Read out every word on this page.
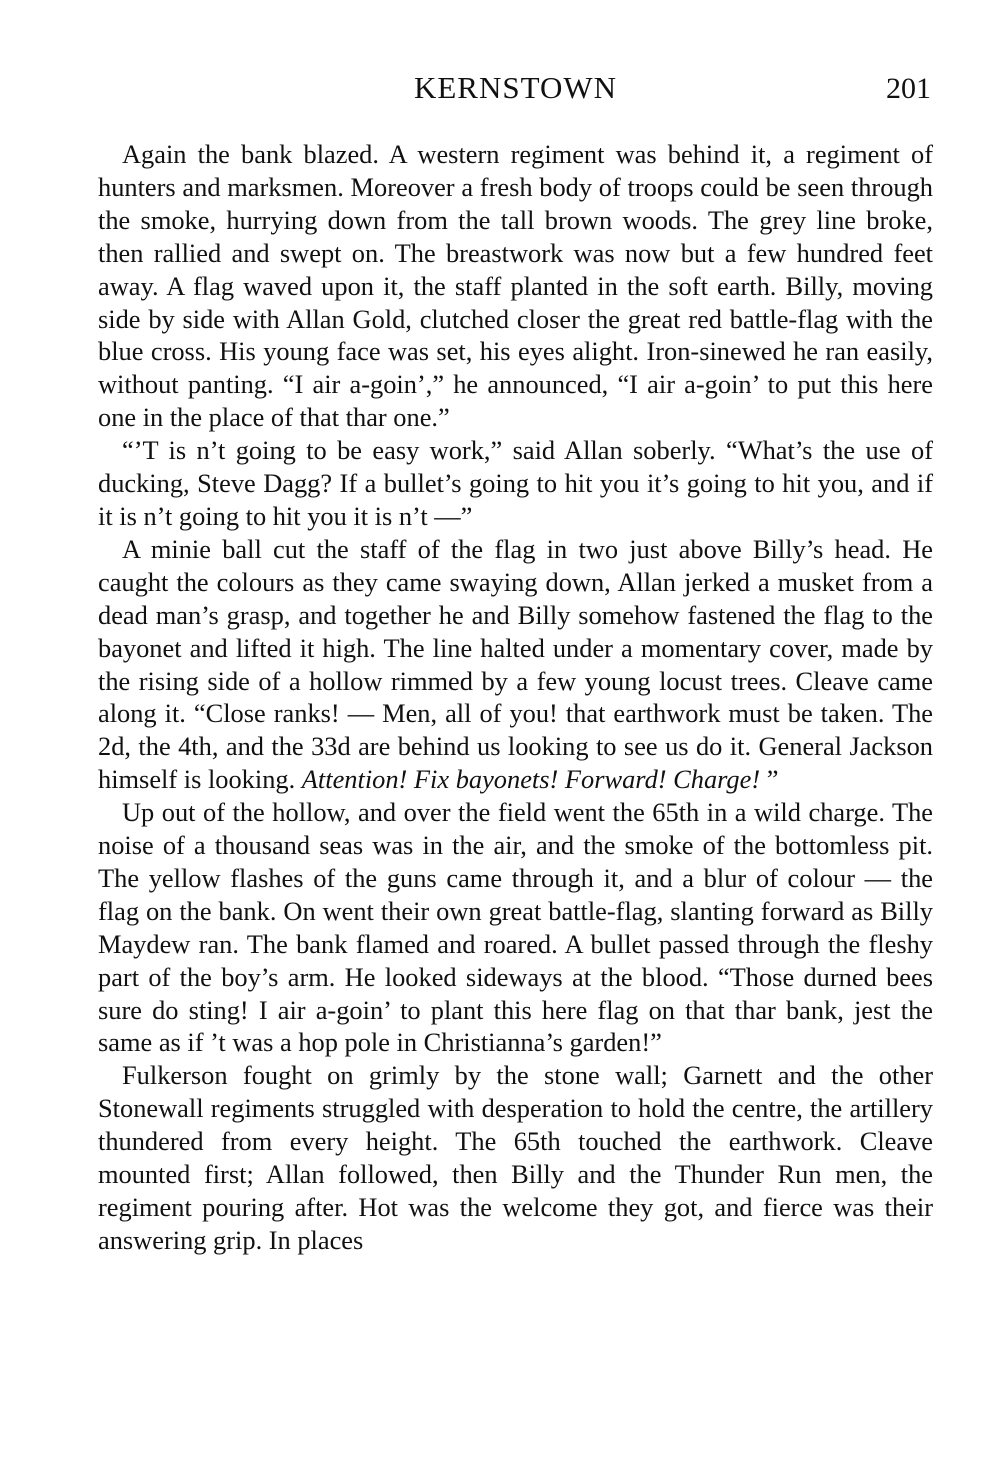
KERNSTOWN	201

Again the bank blazed. A western regiment was behind it, a regiment of hunters and marksmen. Moreover a fresh body of troops could be seen through the smoke, hurrying down from the tall brown woods. The grey line broke, then rallied and swept on. The breastwork was now but a few hundred feet away. A flag waved upon it, the staff planted in the soft earth. Billy, moving side by side with Allan Gold, clutched closer the great red battle-flag with the blue cross. His young face was set, his eyes alight. Iron-sinewed he ran easily, without panting. “I air a-goin’,” he announced, “I air a-goin’ to put this here one in the place of that thar one.”

“’T is n’t going to be easy work,” said Allan soberly. “What’s the use of ducking, Steve Dagg? If a bullet’s going to hit you it’s going to hit you, and if it is n’t going to hit you it is n’t —”

A minie ball cut the staff of the flag in two just above Billy’s head. He caught the colours as they came swaying down, Allan jerked a musket from a dead man’s grasp, and together he and Billy somehow fastened the flag to the bayonet and lifted it high. The line halted under a momentary cover, made by the rising side of a hollow rimmed by a few young locust trees. Cleave came along it. “Close ranks! — Men, all of you! that earthwork must be taken. The 2d, the 4th, and the 33d are behind us looking to see us do it. General Jackson himself is looking. Attention! Fix bayonets! Forward! Charge! ”

Up out of the hollow, and over the field went the 65th in a wild charge. The noise of a thousand seas was in the air, and the smoke of the bottomless pit. The yellow flashes of the guns came through it, and a blur of colour — the flag on the bank. On went their own great battle-flag, slanting forward as Billy Maydew ran. The bank flamed and roared. A bullet passed through the fleshy part of the boy’s arm. He looked sideways at the blood. “Those durned bees sure do sting! I air a-goin’ to plant this here flag on that thar bank, jest the same as if ’t was a hop pole in Christianna’s garden!”

Fulkerson fought on grimly by the stone wall; Garnett and the other Stonewall regiments struggled with desperation to hold the centre, the artillery thundered from every height. The 65th touched the earthwork. Cleave mounted first; Allan followed, then Billy and the Thunder Run men, the regiment pouring after. Hot was the welcome they got, and fierce was their answering grip. In places
